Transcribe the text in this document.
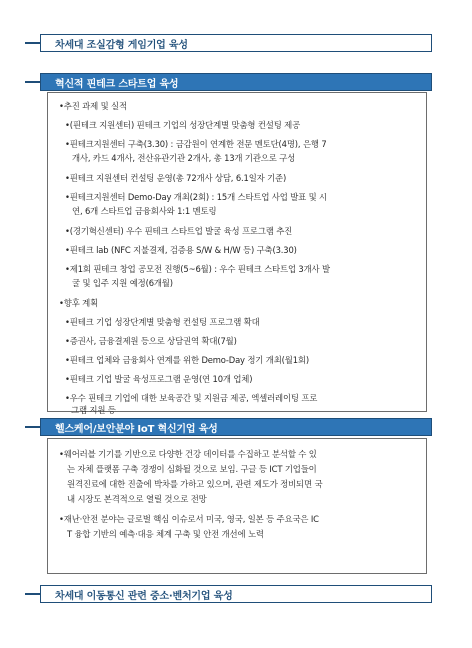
차세대 조실감형 게임기업 육성
혁신적 핀테크 스타트업 육성
•추진 과제 및 실적
•(핀테크 지원센터) 핀테크 기업의 성장단계별 맞춤형 컨설팅 제공
•핀테크지원센터 구축(3.30) : 금감원이 연계한 전문 멘토단(4명), 은행 7
개사, 카드 4개사, 전산유관기관 2개사, 총 13개 기관으로 구성
•핀테크 지원센터 컨설팅 운영(총 72개사 상담, 6.1일자 기준)
•핀테크지원센터 Demo-Day 개최(2회) : 15개 스타트업 사업 발표 및 시
연, 6개 스타트업 금융회사와 1:1 멘토링
•(경기혁신센터) 우수 핀테크 스타트업 발굴 육성 프로그램 추진
•핀테크 lab (NFC 지불결제, 검증용 S/W & H/W 등) 구축(3.30)
•제1회 핀테크 창업 공모전 진행(5~6월) : 우수 핀테크 스타트업 3개사 발
굴 및 입주 지원 예정(6개월)
•향후 계획
•핀테크 기업 성장단계별 맞춤형 컨설팅 프로그램 확대
•증권사, 금융결제원 등으로 상담권역 확대(7월)
•핀테크 업체와 금융회사 연계를 위한 Demo-Day 정기 개최(월1회)
•핀테크 기업 발굴 육성프로그램 운영(연 10개 업체)
•우수 핀테크 기업에 대한 보육공간 및 지원금 제공, 엑셀러레이팅 프로
헬스케어/보안분야 IoT 혁신기업 육성
•웨어러블 기기를 기반으로 다양한 건강 데이터를 수집하고 분석할 수 있
는 자체 플랫폼 구축 경쟁이 심화될 것으로 보임. 구글 등 ICT 기업들이
원격진료에 대한 진출에 박차를 가하고 있으며, 관련 제도가 정비되면 국
내 시장도 본격적으로 열릴 것으로 전망
•재난·안전 분야는 글로벌 핵심 이슈로서 미국, 영국, 일본 등 주요국은 IC
T 융합 기반의 예측·대응 체계 구축 및 안전 개선에 노력
차세대 이동통신 관련 중소·벤처기업 육성
그램 지원 등
